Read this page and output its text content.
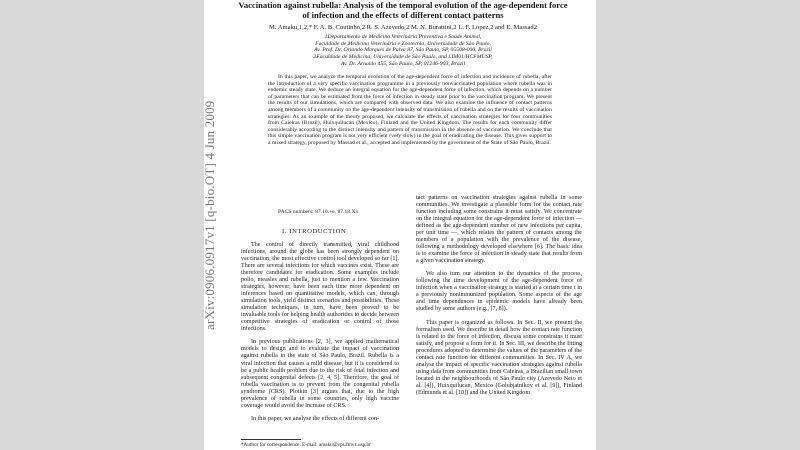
arXiv:0906.0917v1 [q-bio.OT] 4 Jun 2009
Vaccination against rubella: Analysis of the temporal evolution of the age-dependent force of infection and the effects of different contact patterns
M. Amaku,1,2,* F. A. B. Coutinho,2 R. S. Azevedo,2 M. N. Burattini,2 L. F. Lopez,2 and E. Massad2
1Departamento de Medicina Veterinária Preventiva e Saúde Animal,
Faculdade de Medicina Veterinária e Zootecnia, Universidade de São Paulo,
Av. Prof. Dr. Orlando Marques de Paiva 87, São Paulo, SP, 05508-000, Brazil
2Faculdade de Medicina, Universidade de São Paulo, and LIM01/HCFMUSP,
Av. Dr. Arnaldo 455, São Paulo, SP, 01246-903, Brazil
In this paper, we analyze the temporal evolution of the age-dependent force of infection and incidence of rubella, after the introduction of a very specific vaccination programme in a previously nonvaccinated population where rubella was in endemic steady state. We deduce an integral equation for the age-dependent force of infection, which depends on a number of parameters that can be estimated from the force of infection in steady state prior to the vaccination program. We present the results of our simulations, which are compared with observed data. We also examine the influence of contact patterns among members of a community on the age-dependent intensity of transmission of rubella and on the results of vaccination strategies. As an example of the theory proposed, we calculate the effects of vaccination strategies for four communities from Caieiras (Brazil), Huixquilucan (Mexico), Finland and the United Kingdom. The results for each community differ considerably according to the distinct intensity and pattern of transmission in the absence of vaccination. We conclude that this simple vaccination program is not very efficient (very slow) in the goal of eradicating the disease. This gives support to a mixed strategy, proposed by Massad et al., accepted and implemented by the government of the State of São Paulo, Brazil.
PACS numbers: 87.10.+e, 87.18.Xx
I. INTRODUCTION

The control of directly transmitted, viral childhood infections, around the globe has been strongly dependent on vaccination, the most effective control tool developed so far [1]. There are several infections for which vaccines exist. These are therefore candidates for eradication. Some examples include polio, measles and rubella, just to mention a few. Vaccination strategies, however, have been each time more dependent on inferences based on quantitative models, which can, through simulation tools, yield distinct scenarios and possibilities. These simulation techniques, in turn, have been proved to be invaluable tools for helping health authorities to decide between competitive strategies of eradication or control of those infections.

In previous publications [2, 3], we applied mathematical models to design and to evaluate the impact of vaccination against rubella in the state of São Paulo, Brazil. Rubella is a viral infection that causes a mild disease, but it is considered to be a public health problem due to the risk of fetal infection and subsequent congenital defects [2, 4, 5]. Therefore, the goal of rubella vaccination is to prevent from the congenital rubella syndrome (CRS). Plotkin [3] argues that, due to the high prevalence of rubella in some countries, only high vaccine coverage would avoid the increase of CRS.

In this paper, we analyse the effects of different con-

tact patterns on vaccination strategies against rubella in some communities. We investigate a plausible form for the contact rate function including some constrains it must satisfy. We concentrate on the integral equation for the age-dependent force of infection — defined as the age-dependent number of new infections per capita, per unit time —, which relates the pattern of contacts among the members of a population with the prevalence of the disease, following a methodology developed elsewhere [6]. The basic idea is to examine the force of infection in steady state that results from a given vaccination strategy.

We also turn our attention to the dynamics of the process, following the time development of the age-dependent force of infection when a vaccination strategy is started at a certain time t in a previously nonimmunized population. Some aspects of the age and time dependences in epidemic models have already been studied by some authors (e.g., [7, 8]).

This paper is organized as follows. In Sec. II, we present the formalism used. We describe in detail how the contact rate function is related to the force of infection, discuss some constrains it must satisfy, and propose a form for it. In Sec. III, we describe the fitting procedures adopted to determine the values of the parameters of the contact rate function for different communities. In Sec. IV A, we analyse the impact of specific vaccination strategies against rubella using data from communities from Caieiras, a Brazilian small town located in the neighbourhoods of São Paulo city (Azevedo Neto et al. [4]), Huixquilucan, Mexico (Golubjatnikov et al. [9]), Finland (Edmunds et al. [10]) and the United Kingdom

*Author for correspondence. E-mail: amaku@vps.fmvz.usp.br
